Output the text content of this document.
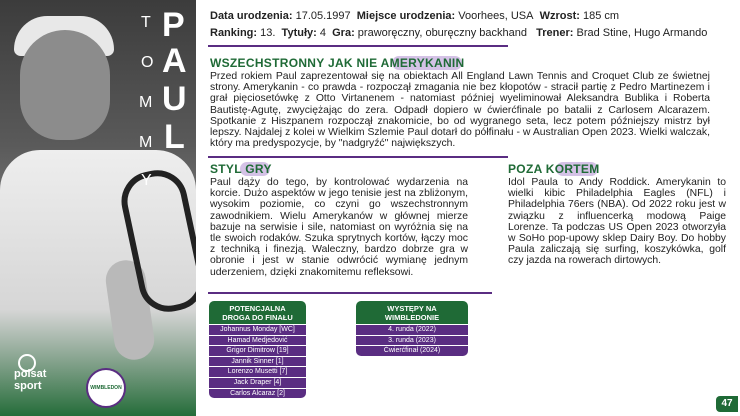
T
O
M
M
Y
P
A
U
L
polsat
sport	WIMBLEDON
Data urodzenia: 17.05.1997 Miejsce urodzenia: Voorhees, USA Wzrost: 185 cm
Ranking: 13. Tytuły: 4 Gra: praworęczny, oburęczny backhand Trener: Brad Stine, Hugo Armando
WSZECHSTRONNY JAK NIE AMERYKANIN
Przed rokiem Paul zaprezentował się na obiektach All England Lawn Tennis and Croquet Club ze świetnej strony. Amerykanin - co prawda - rozpoczął zmagania nie bez kłopotów - stracił partię z Pedro Martinezem i grał pięciosetówkę z Otto Virtanenem - natomiast później wyeliminował Aleksandra Bublika i Roberta Bautistę-Agutę, zwyciężając do zera. Odpadł dopiero w ćwierćfinale po batalii z Carlosem Alcarazem. Spotkanie z Hiszpanem rozpoczął znakomicie, bo od wygranego seta, lecz potem późniejszy mistrz był lepszy. Najdalej z kolei w Wielkim Szlemie Paul dotarł do półfinału - w Australian Open 2023. Wielki walczak, który ma predyspozycje, by "nadgryźć" największych.
STYL GRY
Paul dąży do tego, by kontrolować wydarzenia na korcie. Dużo aspektów w jego tenisie jest na zbliżonym, wysokim poziomie, co czyni go wszechstronnym zawodnikiem. Wielu Amerykanów w głównej mierze bazuje na serwisie i sile, natomiast on wyróżnia się na tle swoich rodaków. Szuka sprytnych kortów, łączy moc z techniką i finezją. Waleczny, bardzo dobrze gra w obronie i jest w stanie odwrócić wymianę jednym uderzeniem, dzięki znakomitemu refleksowi.
POZA KORTEM
Idol Paula to Andy Roddick. Amerykanin to wielki kibic Philadelphia Eagles (NFL) i Philadelphia 76ers (NBA). Od 2022 roku jest w związku z influencerką modową Paige Lorenze. Ta podczas US Open 2023 otworzyła w SoHo pop-upowy sklep Dairy Boy. Do hobby Paula zaliczają się surfing, koszykówka, golf czy jazda na rowerach dirtowych.
POTENCJALNA
DROGA DO FINAŁU
Johannus Monday [WC]
Hamad Medjedović
Grigor Dimitrow [19]
Jannik Sinner [1]
Lorenzo Musetti [7]
Jack Draper [4]
Carlos Alcaraz [2]
WYSTĘPY NA
WIMBLEDONIE
4. runda (2022)
3. runda (2023)
Ćwierćfinał (2024)
47
